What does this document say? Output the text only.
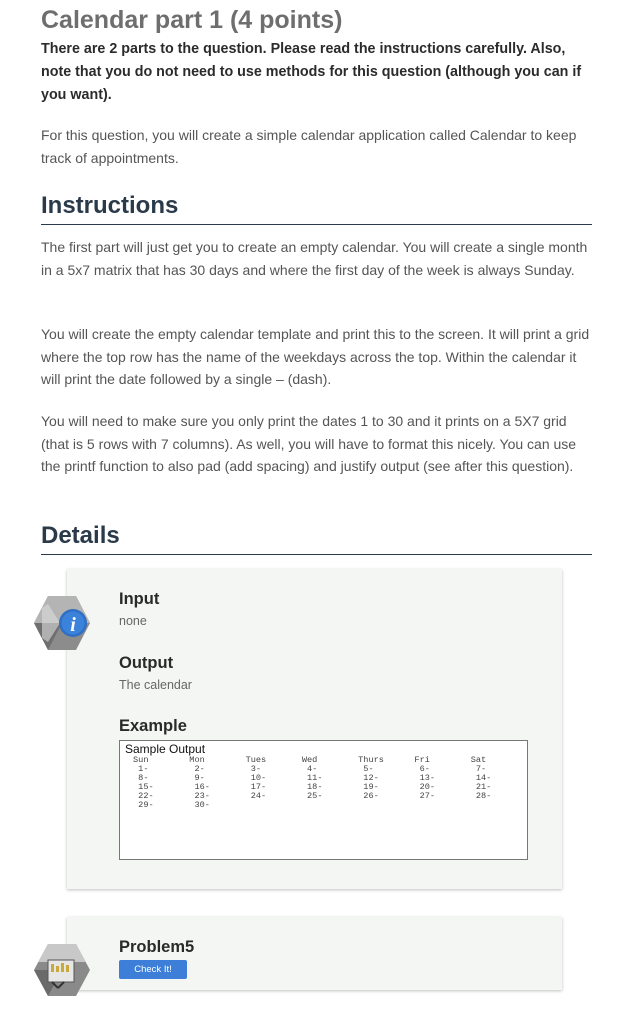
Calendar part 1 (4 points)

There are 2 parts to the question. Please read the instructions carefully. Also, note that you do not need to use methods for this question (although you can if you want).

For this question, you will create a simple calendar application called Calendar to keep track of appointments.

Instructions

The first part will just get you to create an empty calendar. You will create a single month in a 5x7 matrix that has 30 days and where the first day of the week is always Sunday.

You will create the empty calendar template and print this to the screen. It will print a grid where the top row has the name of the weekdays across the top. Within the calendar it will print the date followed by a single – (dash).

You will need to make sure you only print the dates 1 to 30 and it prints on a 5X7 grid (that is 5 rows with 7 columns). As well, you will have to format this nicely. You can use the printf function to also pad (add spacing) and justify output (see after this question).

Details
i
Input

none

Output

The calendar

Example
Sample Output
Sun	Mon	Tues	Wed	Thurs	Fri	Sat
1-	2-	3-	4-	5-	6-	7-
8-	9-	10-	11-	12-	13-	14-
15-	16-	17-	18-	19-	20-	21-
22-	23-	24-	25-	26-	27-	28-
29-	30-
Problem5
Check It!
